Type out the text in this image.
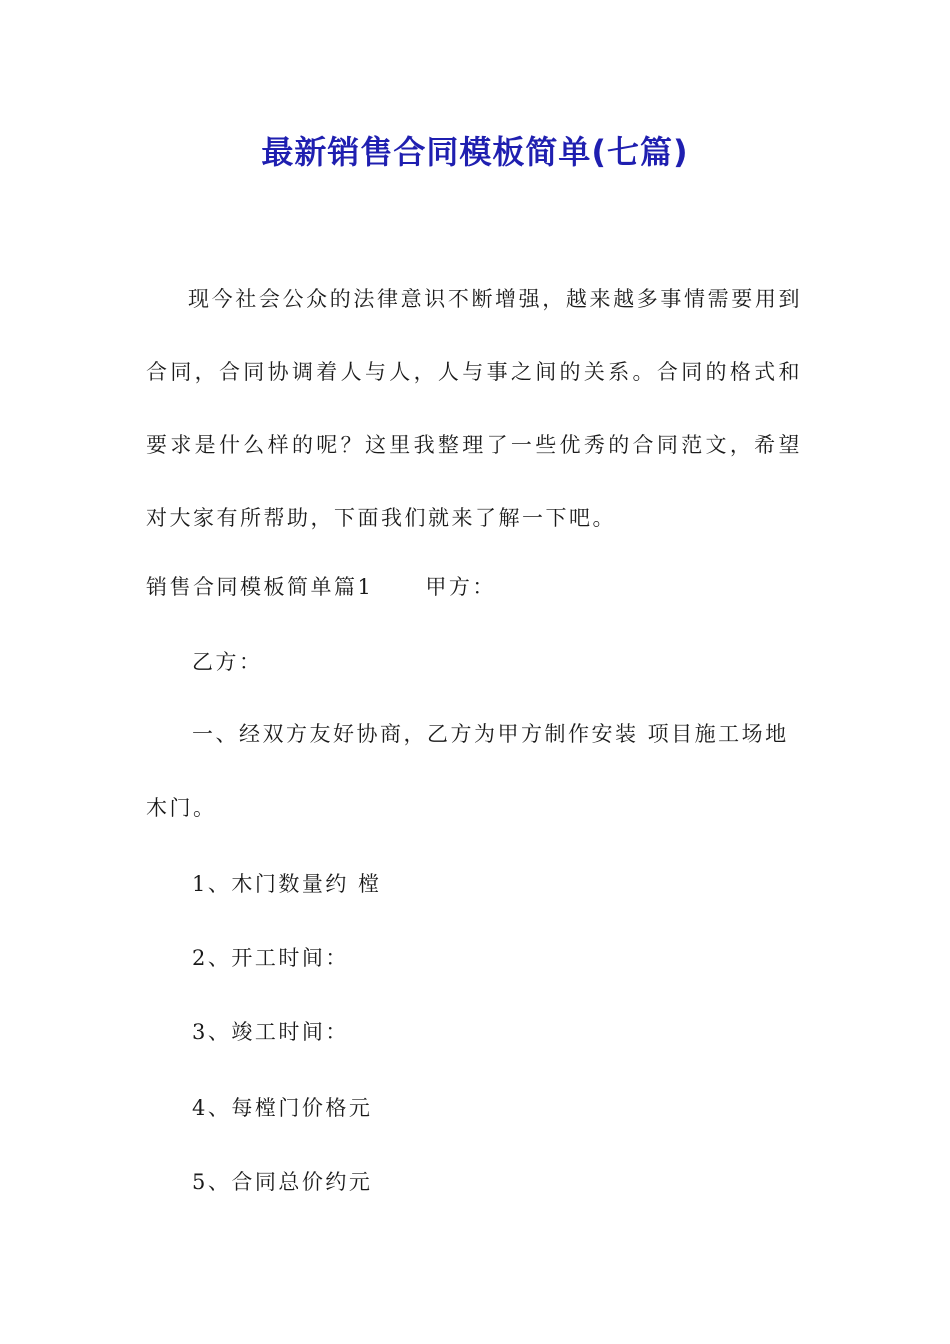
最新销售合同模板简单(七篇)

现今社会公众的法律意识不断增强，越来越多事情需要用到合同，合同协调着人与人，人与事之间的关系。合同的格式和要求是什么样的呢？这里我整理了一些优秀的合同范文，希望对大家有所帮助，下面我们就来了解一下吧。

销售合同模板简单篇1 甲方：

乙方：

一、经双方友好协商，乙方为甲方制作安装 项目施工场地

木门。

1、木门数量约 樘

2、开工时间：

3、竣工时间：

4、每樘门价格元

5、合同总价约元
